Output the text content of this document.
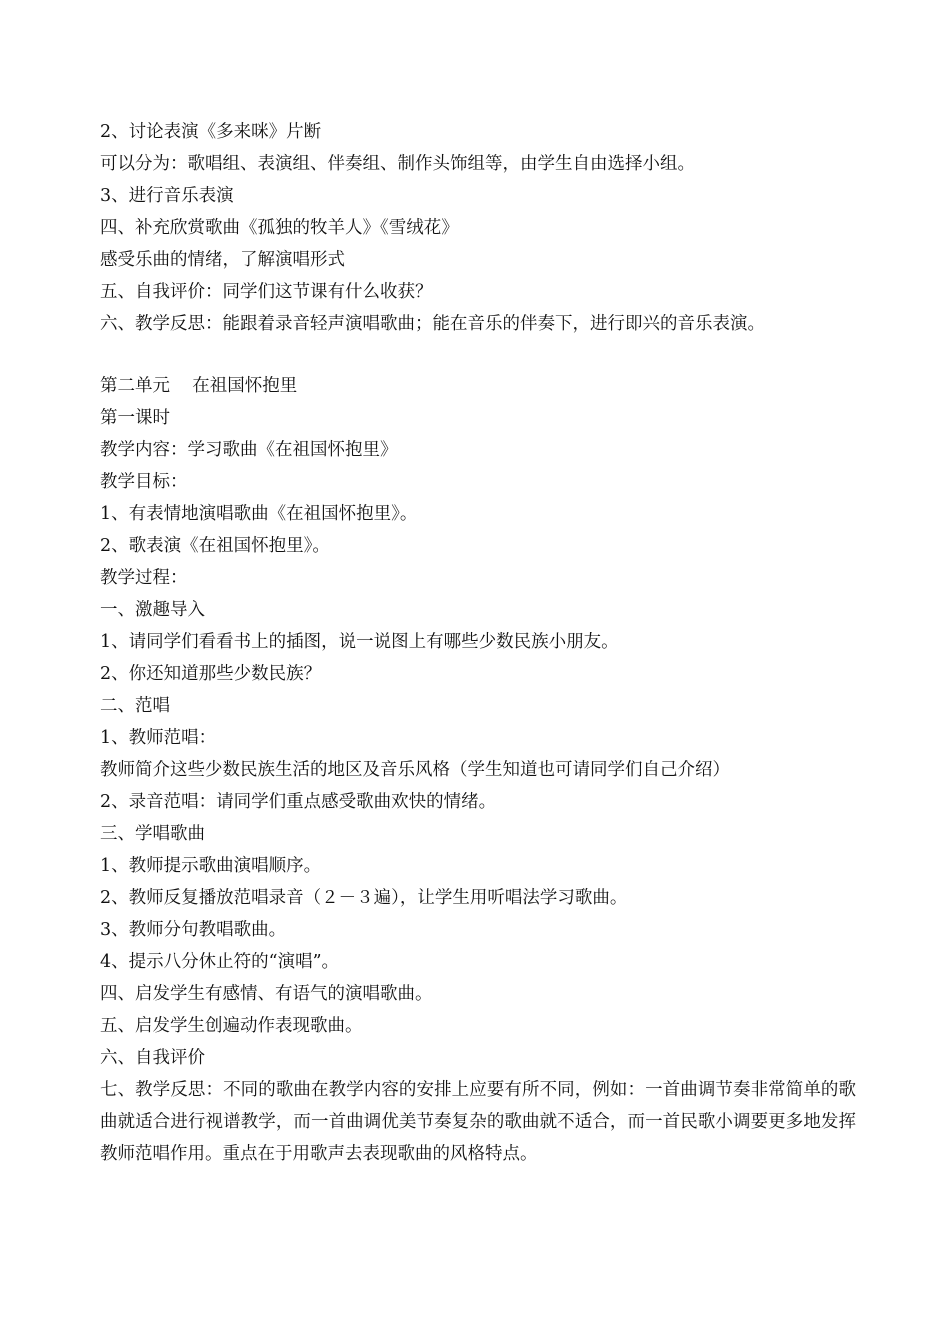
2、讨论表演《多来咪》片断
可以分为：歌唱组、表演组、伴奏组、制作头饰组等，由学生自由选择小组。
3、进行音乐表演
四、补充欣赏歌曲《孤独的牧羊人》《雪绒花》
感受乐曲的情绪，了解演唱形式
五、自我评价：同学们这节课有什么收获？
六、教学反思：能跟着录音轻声演唱歌曲；能在音乐的伴奏下，进行即兴的音乐表演。
第二单元    在祖国怀抱里
第一课时
教学内容：学习歌曲《在祖国怀抱里》
教学目标：
1、有表情地演唱歌曲《在祖国怀抱里》。
2、歌表演《在祖国怀抱里》。
教学过程：
一、激趣导入
1、请同学们看看书上的插图，说一说图上有哪些少数民族小朋友。
2、你还知道那些少数民族？
二、范唱
1、教师范唱：
教师简介这些少数民族生活的地区及音乐风格（学生知道也可请同学们自己介绍）
2、录音范唱：请同学们重点感受歌曲欢快的情绪。
三、学唱歌曲
1、教师提示歌曲演唱顺序。
2、教师反复播放范唱录音（２－３遍），让学生用听唱法学习歌曲。
3、教师分句教唱歌曲。
4、提示八分休止符的“演唱”。
四、启发学生有感情、有语气的演唱歌曲。
五、启发学生创遍动作表现歌曲。
六、自我评价
七、教学反思：不同的歌曲在教学内容的安排上应要有所不同，例如：一首曲调节奏非常简单的歌曲就适合进行视谱教学，而一首曲调优美节奏复杂的歌曲就不适合，而一首民歌小调要更多地发挥教师范唱作用。重点在于用歌声去表现歌曲的风格特点。
